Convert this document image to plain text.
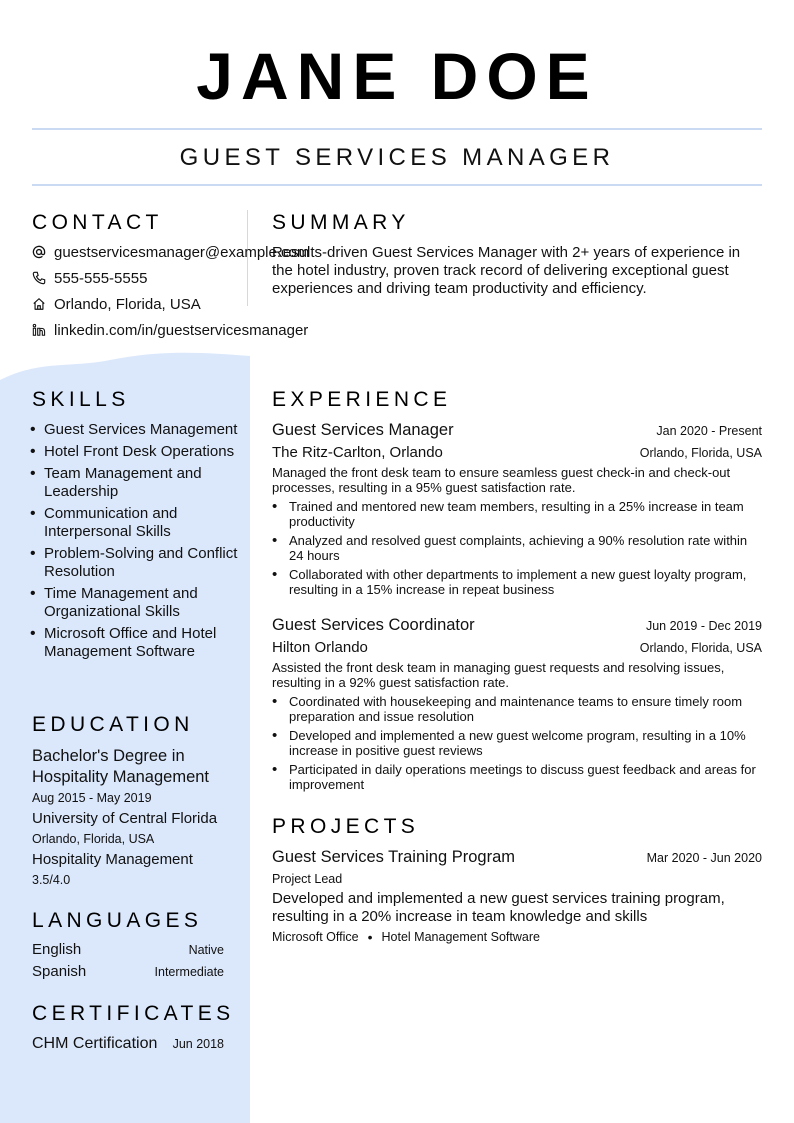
JANE DOE
GUEST SERVICES MANAGER
CONTACT
guestservicesmanager@example.com
555-555-5555
Orlando, Florida, USA
linkedin.com/in/guestservicesmanager
SUMMARY
Results-driven Guest Services Manager with 2+ years of experience in the hotel industry, proven track record of delivering exceptional guest experiences and driving team productivity and efficiency.
SKILLS
• Guest Services Management
• Hotel Front Desk Operations
• Team Management and Leadership
• Communication and Interpersonal Skills
• Problem-Solving and Conflict Resolution
• Time Management and Organizational Skills
• Microsoft Office and Hotel Management Software
EDUCATION
Bachelor's Degree in Hospitality Management
Aug 2015 - May 2019
University of Central Florida
Orlando, Florida, USA
Hospitality Management
3.5/4.0
LANGUAGES
English	Native
Spanish	Intermediate
CERTIFICATES
CHM Certification Jun 2018
EXPERIENCE
Guest Services Manager	Jan 2020 - Present
The Ritz-Carlton, Orlando	Orlando, Florida, USA
Managed the front desk team to ensure seamless guest check-in and check-out processes, resulting in a 95% guest satisfaction rate.
• Trained and mentored new team members, resulting in a 25% increase in team productivity
• Analyzed and resolved guest complaints, achieving a 90% resolution rate within 24 hours
• Collaborated with other departments to implement a new guest loyalty program, resulting in a 15% increase in repeat business
Guest Services Coordinator	Jun 2019 - Dec 2019
Hilton Orlando	Orlando, Florida, USA
Assisted the front desk team in managing guest requests and resolving issues, resulting in a 92% guest satisfaction rate.
• Coordinated with housekeeping and maintenance teams to ensure timely room preparation and issue resolution
• Developed and implemented a new guest welcome program, resulting in a 10% increase in positive guest reviews
• Participated in daily operations meetings to discuss guest feedback and areas for improvement
PROJECTS
Guest Services Training Program	Mar 2020 - Jun 2020
Project Lead
Developed and implemented a new guest services training program, resulting in a 20% increase in team knowledge and skills
Microsoft Office • Hotel Management Software
